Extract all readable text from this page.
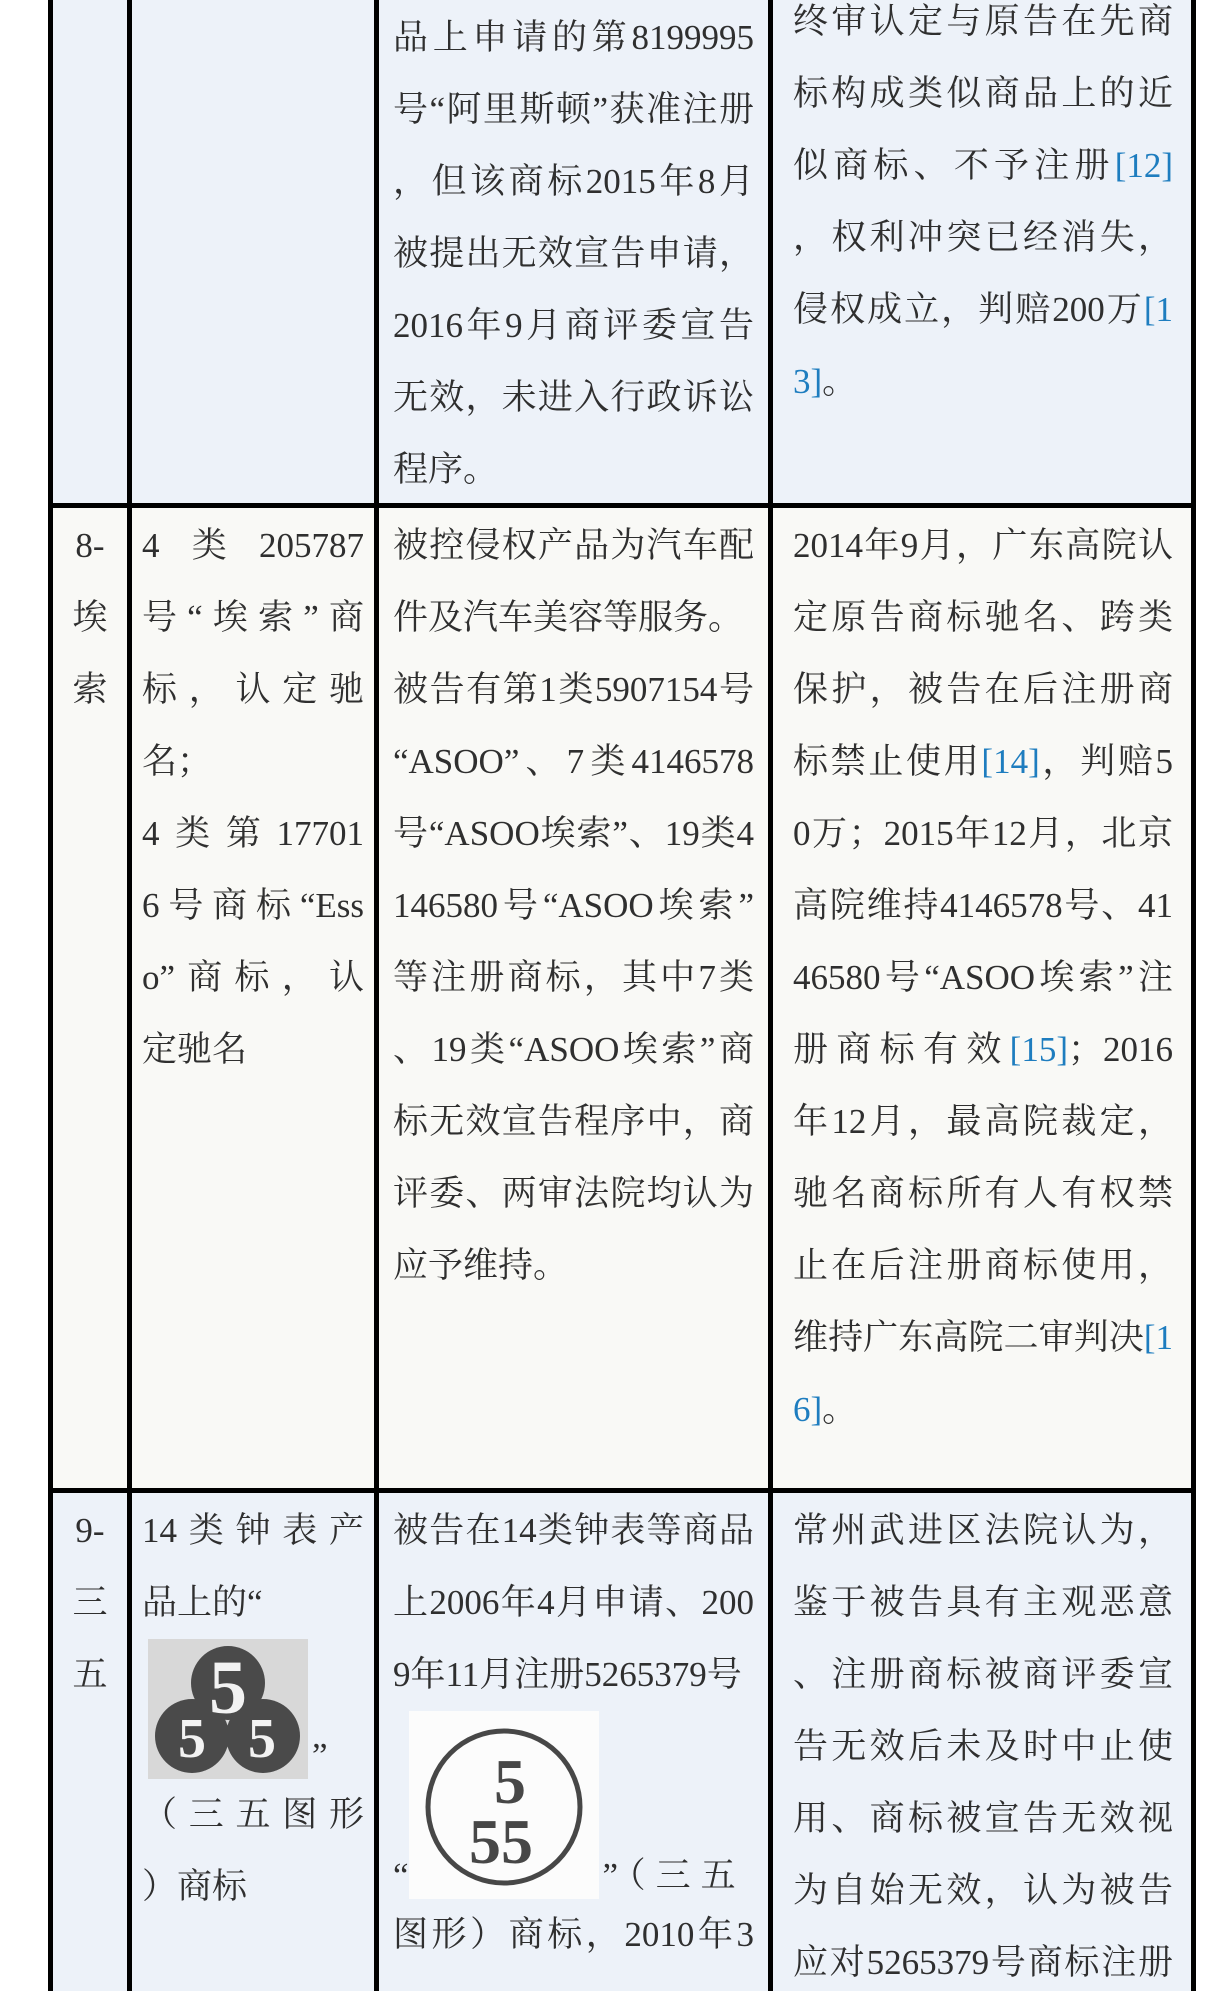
品上申请的第8199995
号“阿里斯顿”获准注册
，但该商标2015年8月
被提出无效宣告申请，
2016年9月商评委宣告
无效，未进入行政诉讼
程序。
终审认定与原告在先商
标构成类似商品上的近
似商标、不予注册[12]
，权利冲突已经消失，
侵权成立，判赔200万[1
3]。
8-
埃
索
4类205787
号“埃索”商
标，认定驰
名；
4类第17701
6号商标“Ess
o”商标，认
定驰名
被控侵权产品为汽车配
件及汽车美容等服务。
被告有第1类5907154号
“ASOO”、7类4146578
号“ASOO埃索”、19类4
146580号“ASOO埃索”
等注册商标，其中7类
、19类“ASOO埃索”商
标无效宣告程序中，商
评委、两审法院均认为
应予维持。
2014年9月，广东高院认
定原告商标驰名、跨类
保护，被告在后注册商
标禁止使用[14]，判赔5
0万；2015年12月，北京
高院维持4146578号、41
46580号“ASOO埃索”注
册商标有效[15]；2016
年12月，最高院裁定，
驰名商标所有人有权禁
止在后注册商标使用，
维持广东高院二审判决[1
6]。
9-
三
五
14类钟表产
品上的“
5
5 5 ”
（三五图形
）商标
被告在14类钟表等商品
上2006年4月申请、200
9年11月注册5265379号
“
5
55 ”（三五
图形）商标，2010年3
常州武进区法院认为，
鉴于被告具有主观恶意
、注册商标被商评委宣
告无效后未及时中止使
用、商标被宣告无效视
为自始无效，认为被告
应对5265379号商标注册
